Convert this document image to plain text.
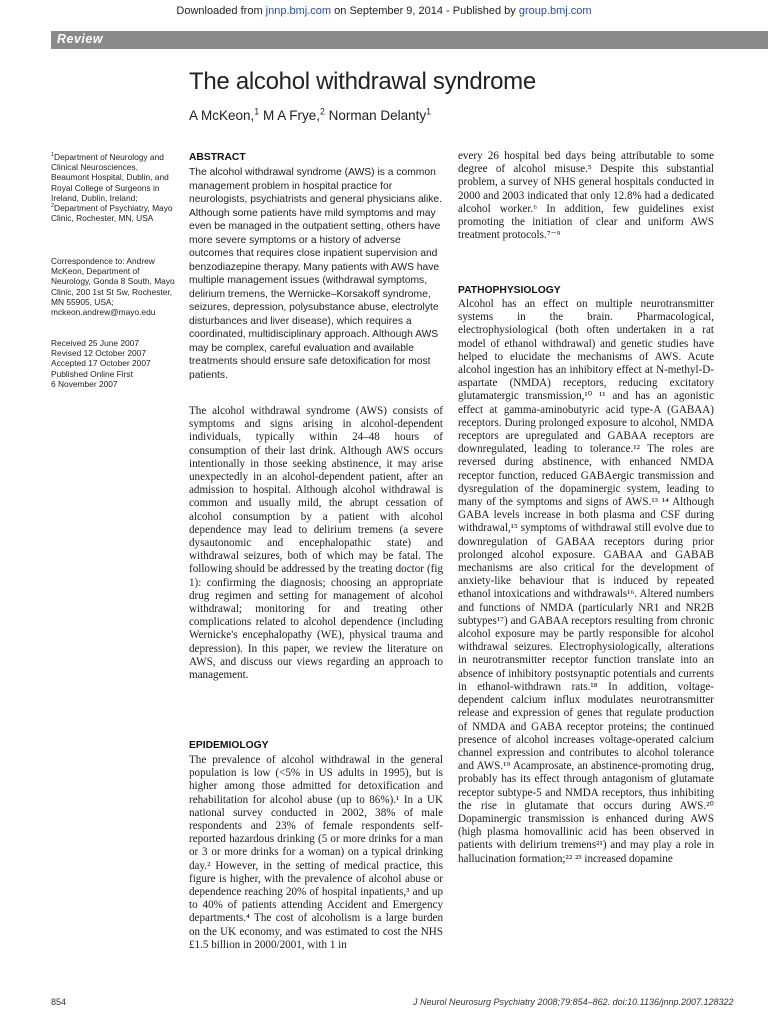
Downloaded from jnnp.bmj.com on September 9, 2014 - Published by group.bmj.com
Review
The alcohol withdrawal syndrome
A McKeon,$^1$ M A Frye,$^2$ Norman Delanty$^1$
$^1$Department of Neurology and Clinical Neurosciences, Beaumont Hospital, Dublin, and Royal College of Surgeons in Ireland, Dublin, Ireland;
$^2$Department of Psychiatry, Mayo Clinic, Rochester, MN, USA
Correspondence to: Andrew McKeon, Department of Neurology, Gonda 8 South, Mayo Clinic, 200 1st St Sw, Rochester, MN 55905, USA; mckeon.andrew@mayo.edu
Received 25 June 2007
Revised 12 October 2007
Accepted 17 October 2007
Published Online First
6 November 2007
ABSTRACT
The alcohol withdrawal syndrome (AWS) is a common management problem in hospital practice for neurologists, psychiatrists and general physicians alike. Although some patients have mild symptoms and may even be managed in the outpatient setting, others have more severe symptoms or a history of adverse outcomes that requires close inpatient supervision and benzodiazepine therapy. Many patients with AWS have multiple management issues (withdrawal symptoms, delirium tremens, the Wernicke–Korsakoff syndrome, seizures, depression, polysubstance abuse, electrolyte disturbances and liver disease), which requires a coordinated, multidisciplinary approach. Although AWS may be complex, careful evaluation and available treatments should ensure safe detoxification for most patients.

The alcohol withdrawal syndrome (AWS) consists of symptoms and signs arising in alcohol-dependent individuals, typically within 24–48 hours of consumption of their last drink. Although AWS occurs intentionally in those seeking abstinence, it may arise unexpectedly in an alcohol-dependent patient, after an admission to hospital. Although alcohol withdrawal is common and usually mild, the abrupt cessation of alcohol consumption by a patient with alcohol dependence may lead to delirium tremens (a severe dysautonomic and encephalopathic state) and withdrawal seizures, both of which may be fatal. The following should be addressed by the treating doctor (fig 1): confirming the diagnosis; choosing an appropriate drug regimen and setting for management of alcohol withdrawal; monitoring for and treating other complications related to alcohol dependence (including Wernicke's encephalopathy (WE), physical trauma and depression). In this paper, we review the literature on AWS, and discuss our views regarding an approach to management.

EPIDEMIOLOGY
The prevalence of alcohol withdrawal in the general population is low (<5% in US adults in 1995), but is higher among those admitted for detoxification and rehabilitation for alcohol abuse (up to 86%).¹ In a UK national survey conducted in 2002, 38% of male respondents and 23% of female respondents self-reported hazardous drinking (5 or more drinks for a man or 3 or more drinks for a woman) on a typical drinking day.² However, in the setting of medical practice, this figure is higher, with the prevalence of alcohol abuse or dependence reaching 20% of hospital inpatients,³ and up to 40% of patients attending Accident and Emergency departments.⁴ The cost of alcoholism is a large burden on the UK economy, and was estimated to cost the NHS £1.5 billion in 2000/2001, with 1 in
every 26 hospital bed days being attributable to some degree of alcohol misuse.⁵ Despite this substantial problem, a survey of NHS general hospitals conducted in 2000 and 2003 indicated that only 12.8% had a dedicated alcohol worker.⁶ In addition, few guidelines exist promoting the initiation of clear and uniform AWS treatment protocols.⁷⁻⁹
PATHOPHYSIOLOGY
Alcohol has an effect on multiple neurotransmitter systems in the brain. Pharmacological, electrophysiological (both often undertaken in a rat model of ethanol withdrawal) and genetic studies have helped to elucidate the mechanisms of AWS. Acute alcohol ingestion has an inhibitory effect at N-methyl-D-aspartate (NMDA) receptors, reducing excitatory glutamatergic transmission,¹⁰ ¹¹ and has an agonistic effect at gamma-aminobutyric acid type-A (GABAA) receptors. During prolonged exposure to alcohol, NMDA receptors are upregulated and GABAA receptors are downregulated, leading to tolerance.¹² The roles are reversed during abstinence, with enhanced NMDA receptor function, reduced GABAergic transmission and dysregulation of the dopaminergic system, leading to many of the symptoms and signs of AWS.¹³ ¹⁴ Although GABA levels increase in both plasma and CSF during withdrawal,¹⁵ symptoms of withdrawal still evolve due to downregulation of GABAA receptors during prior prolonged alcohol exposure. GABAA and GABAB mechanisms are also critical for the development of anxiety-like behaviour that is induced by repeated ethanol intoxications and withdrawals¹⁶. Altered numbers and functions of NMDA (particularly NR1 and NR2B subtypes¹⁷) and GABAA receptors resulting from chronic alcohol exposure may be partly responsible for alcohol withdrawal seizures. Electrophysiologically, alterations in neurotransmitter receptor function translate into an absence of inhibitory postsynaptic potentials and currents in ethanol-withdrawn rats.¹⁸ In addition, voltage-dependent calcium influx modulates neurotransmitter release and expression of genes that regulate production of NMDA and GABA receptor proteins; the continued presence of alcohol increases voltage-operated calcium channel expression and contributes to alcohol tolerance and AWS.¹⁹ Acamprosate, an abstinence-promoting drug, probably has its effect through antagonism of glutamate receptor subtype-5 and NMDA receptors, thus inhibiting the rise in glutamate that occurs during AWS.²⁰ Dopaminergic transmission is enhanced during AWS (high plasma homovallinic acid has been observed in patients with delirium tremens²¹) and may play a role in hallucination formation;²² ²³ increased dopamine
854	J Neurol Neurosurg Psychiatry 2008;79:854–862. doi:10.1136/jnnp.2007.128322
